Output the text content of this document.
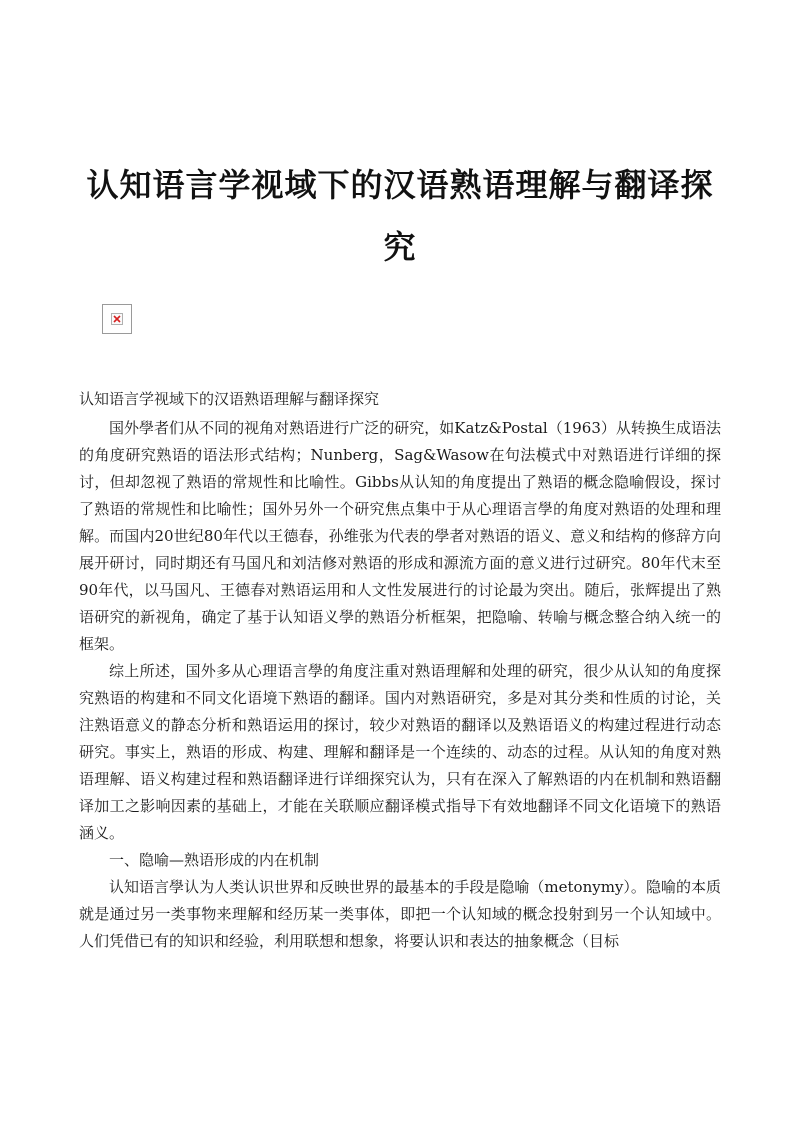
认知语言学视域下的汉语熟语理解与翻译探
究

认知语言学视域下的汉语熟语理解与翻译探究

国外學者们从不同的视角对熟语进行广泛的研究，如Katz&Postal（1963）从转换生成语法的角度研究熟语的语法形式结构；Nunberg，Sag&Wasow在句法模式中对熟语进行详细的探讨，但却忽视了熟语的常规性和比喻性。Gibbs从认知的角度提出了熟语的概念隐喻假设，探讨了熟语的常规性和比喻性；国外另外一个研究焦点集中于从心理语言學的角度对熟语的处理和理解。而国内20世纪80年代以王德春，孙维张为代表的學者对熟语的语义、意义和结构的修辞方向展开研讨，同时期还有马国凡和刘洁修对熟语的形成和源流方面的意义进行过研究。80年代末至90年代，以马国凡、王德春对熟语运用和人文性发展进行的讨论最为突出。随后，张辉提出了熟语研究的新视角，确定了基于认知语义學的熟语分析框架，把隐喻、转喻与概念整合纳入统一的框架。

综上所述，国外多从心理语言學的角度注重对熟语理解和处理的研究，很少从认知的角度探究熟语的构建和不同文化语境下熟语的翻译。国内对熟语研究，多是对其分类和性质的讨论，关注熟语意义的静态分析和熟语运用的探讨，较少对熟语的翻译以及熟语语义的构建过程进行动态研究。事实上，熟语的形成、构建、理解和翻译是一个连续的、动态的过程。从认知的角度对熟语理解、语义构建过程和熟语翻译进行详细探究认为，只有在深入了解熟语的内在机制和熟语翻译加工之影响因素的基础上，才能在关联顺应翻译模式指导下有效地翻译不同文化语境下的熟语涵义。

一、隐喻—熟语形成的内在机制

认知语言學认为人类认识世界和反映世界的最基本的手段是隐喻（metonymy）。隐喻的本质就是通过另一类事物来理解和经历某一类事体，即把一个认知域的概念投射到另一个认知域中。人们凭借已有的知识和经验，利用联想和想象，将要认识和表达的抽象概念（目标
